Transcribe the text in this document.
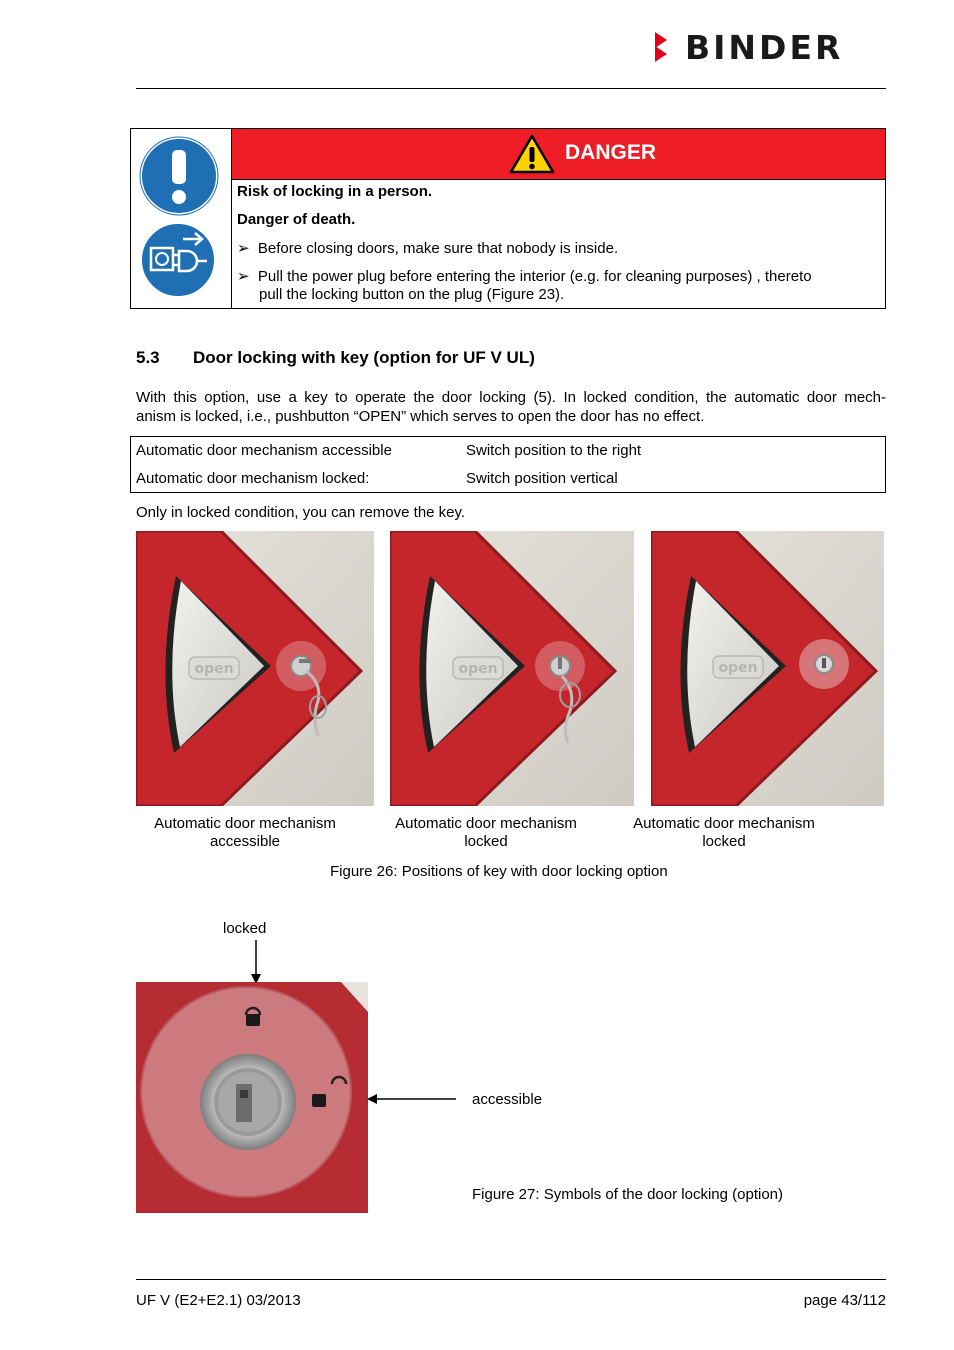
BINDER
DANGER
Risk of locking in a person.
Danger of death.
➢ Before closing doors, make sure that nobody is inside.
➢ Pull the power plug before entering the interior (e.g. for cleaning purposes) , thereto
pull the locking button on the plug (Figure 23).
5.3 Door locking with key (option for UF V UL)
With this option, use a key to operate the door locking (5). In locked condition, the automatic door mech-
anism is locked, i.e., pushbutton “OPEN” which serves to open the door has no effect.
Automatic door mechanism accessible	Switch position to the right
Automatic door mechanism locked:	Switch position vertical
Only in locked condition, you can remove the key.
open	open	open
Automatic door mechanism
accessible
Automatic door mechanism
locked
Automatic door mechanism
locked
Figure 26: Positions of key with door locking option
locked
accessible
Figure 27: Symbols of the door locking (option)
UF V (E2+E2.1) 03/2013	page 43/112
